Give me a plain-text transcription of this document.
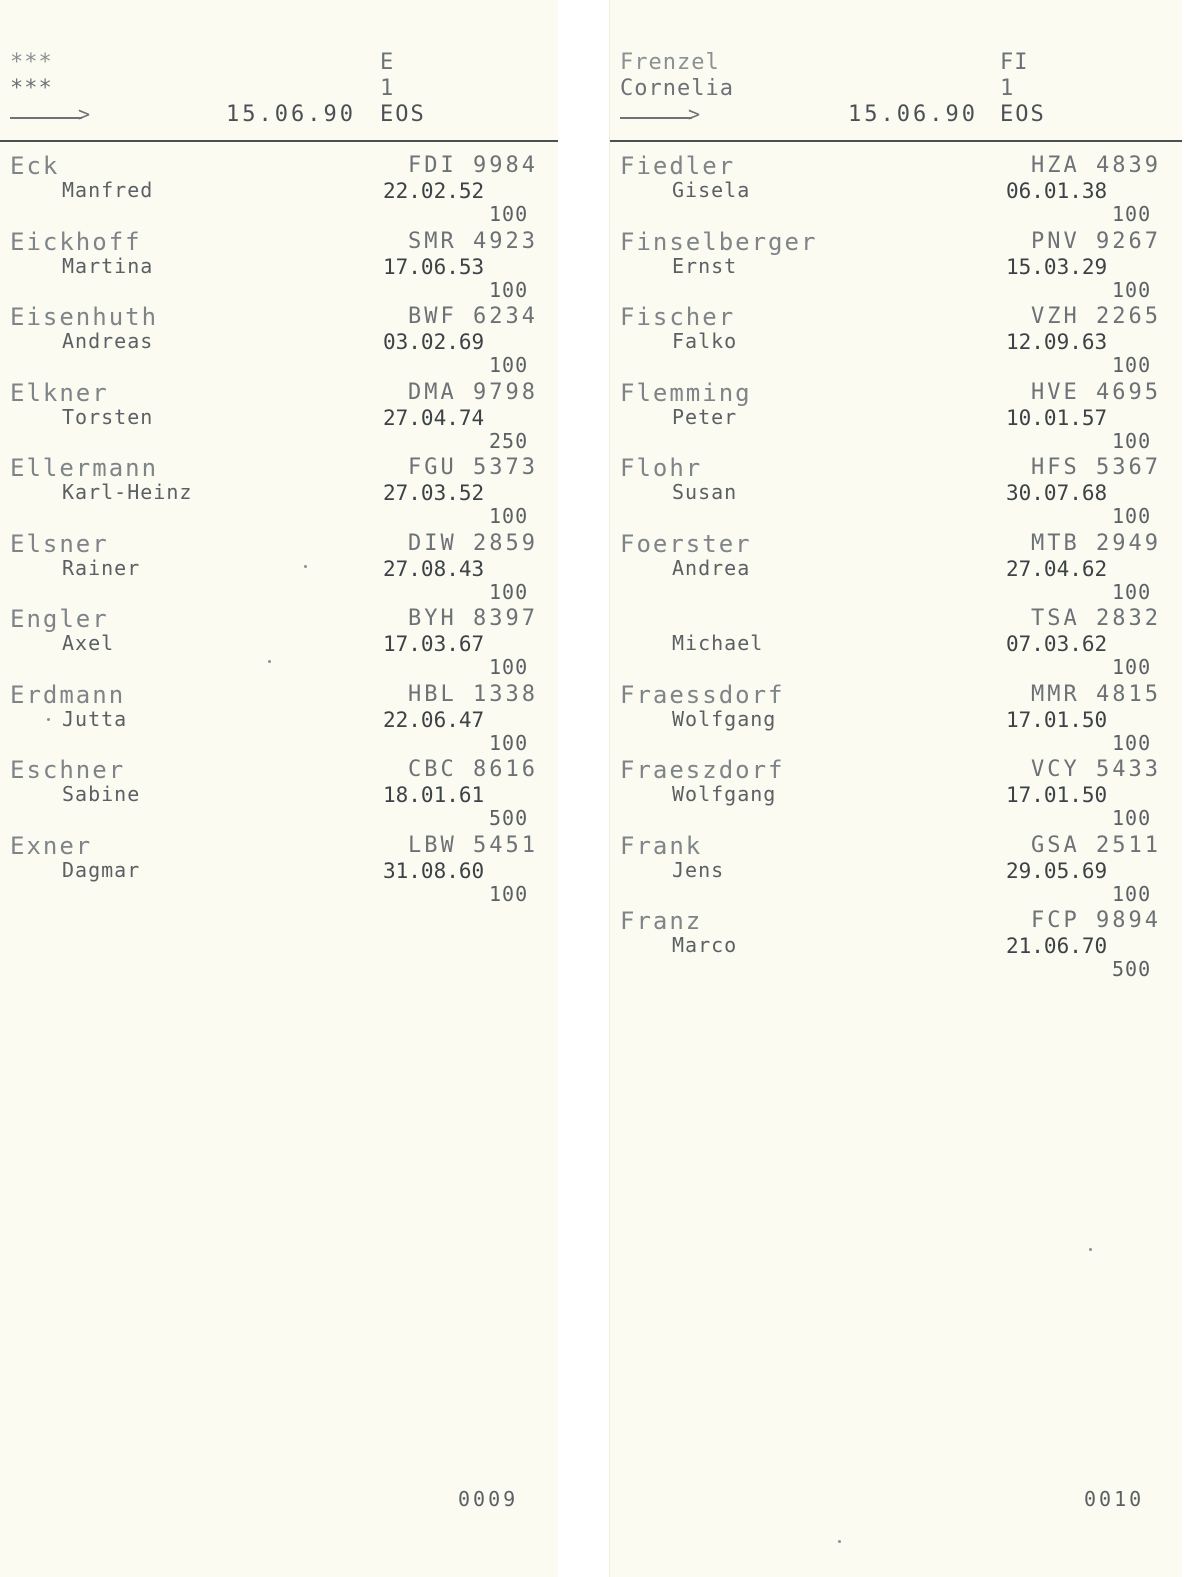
***
***
>	15.06.90
E
1
EOS
Eck
Manfred
FDI 9984
22.02.52
100
Eickhoff
Martina
SMR 4923
17.06.53
100
Eisenhuth
Andreas
BWF 6234
03.02.69
100
Elkner
Torsten
DMA 9798
27.04.74
250
Ellermann
Karl-Heinz
FGU 5373
27.03.52
100
Elsner
Rainer
DIW 2859
27.08.43
100
Engler
Axel
BYH 8397
17.03.67
100
Erdmann
Jutta
HBL 1338
22.06.47
100
Eschner
Sabine
CBC 8616
18.01.61
500
Exner
Dagmar
LBW 5451
31.08.60
100
0009
Frenzel
Cornelia
>	15.06.90
FI
1
EOS
Fiedler
Gisela
HZA 4839
06.01.38
100
Finselberger
Ernst
PNV 9267
15.03.29
100
Fischer
Falko
VZH 2265
12.09.63
100
Flemming
Peter
HVE 4695
10.01.57
100
Flohr
Susan
HFS 5367
30.07.68
100
Foerster
Andrea
MTB 2949
27.04.62
100
Michael
TSA 2832
07.03.62
100
Fraessdorf
Wolfgang
MMR 4815
17.01.50
100
Fraeszdorf
Wolfgang
VCY 5433
17.01.50
100
Frank
Jens
GSA 2511
29.05.69
100
Franz
Marco
FCP 9894
21.06.70
500
0010
